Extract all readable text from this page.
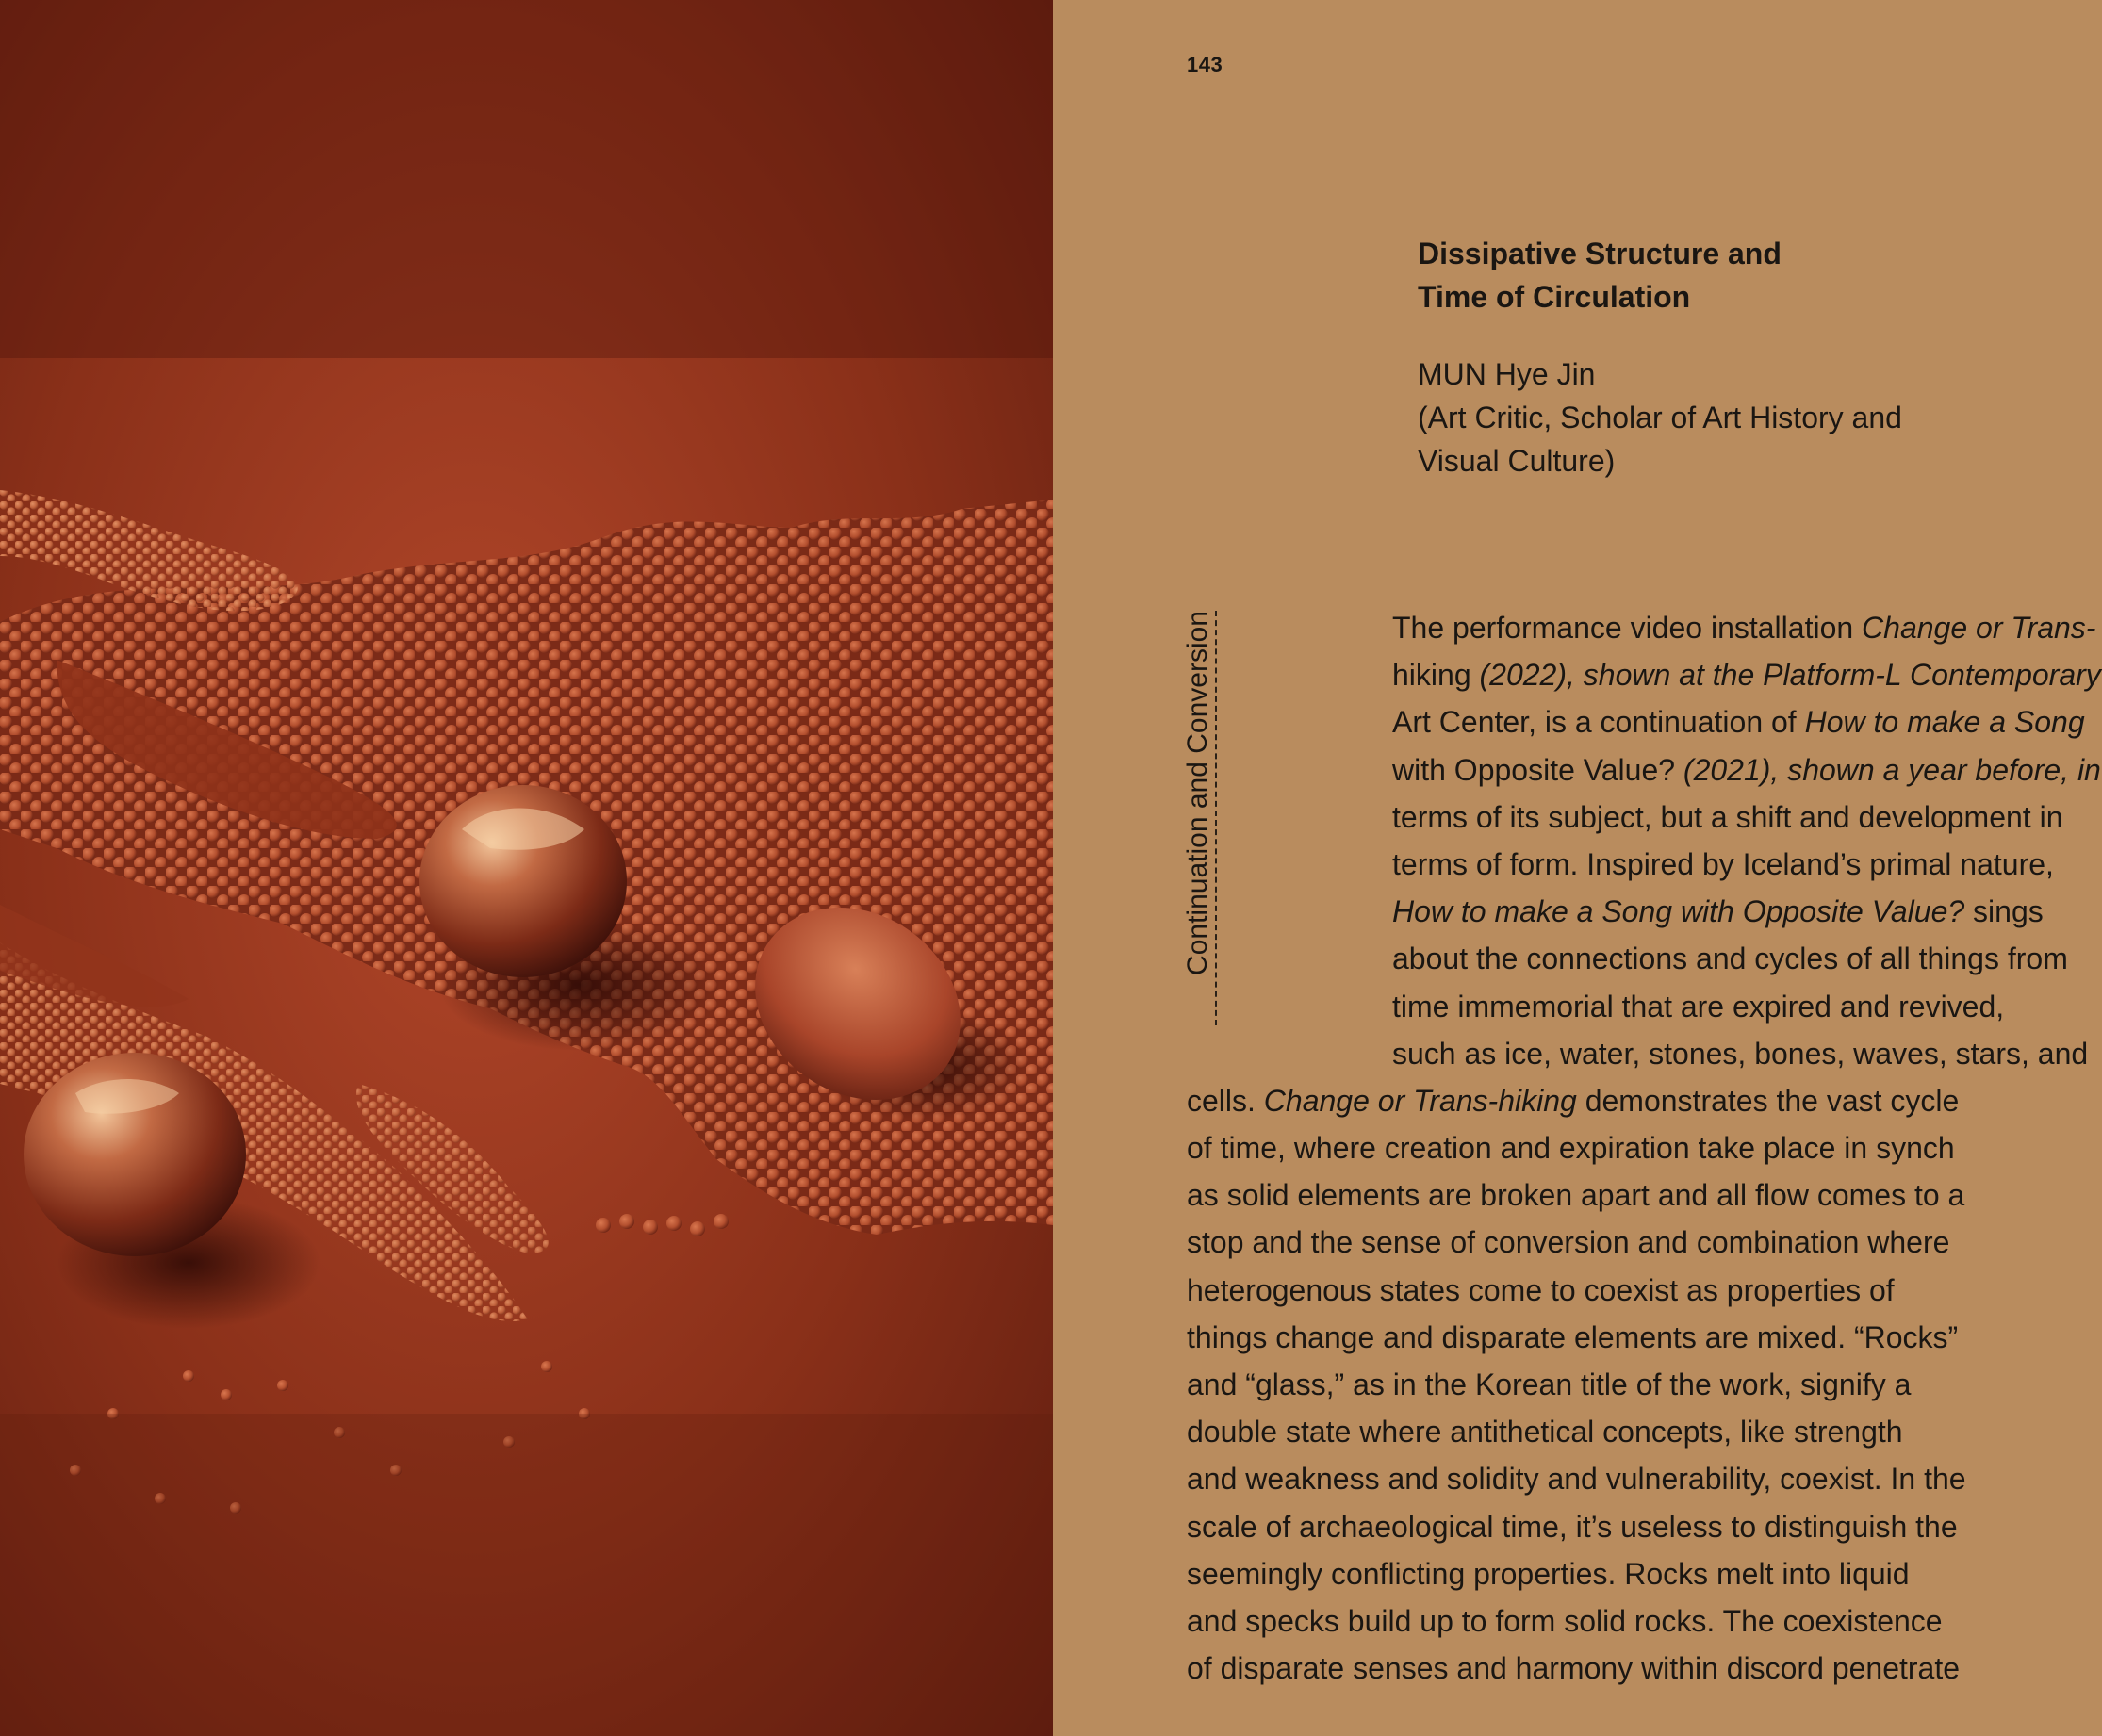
143
Dissipative Structure and
Time of Circulation
MUN Hye Jin
(Art Critic, Scholar of Art History and
Visual Culture)
Continuation and Conversion	The performance video installation Change or Trans-
hiking (2022), shown at the Platform-L Contemporary
Art Center, is a continuation of How to make a Song
with Opposite Value? (2021), shown a year before, in
terms of its subject, but a shift and development in
terms of form. Inspired by Iceland’s primal nature,
How to make a Song with Opposite Value? sings
about the connections and cycles of all things from
time immemorial that are expired and revived,
such as ice, water, stones, bones, waves, stars, and
cells. Change or Trans-hiking demonstrates the vast cycle
of time, where creation and expiration take place in synch
as solid elements are broken apart and all flow comes to a
stop and the sense of conversion and combination where
heterogenous states come to coexist as properties of
things change and disparate elements are mixed. “Rocks”
and “glass,” as in the Korean title of the work, signify a
double state where antithetical concepts, like strength
and weakness and solidity and vulnerability, coexist. In the
scale of archaeological time, it’s useless to distinguish the
seemingly conflicting properties. Rocks melt into liquid
and specks build up to form solid rocks. The coexistence
of disparate senses and harmony within discord penetrate
